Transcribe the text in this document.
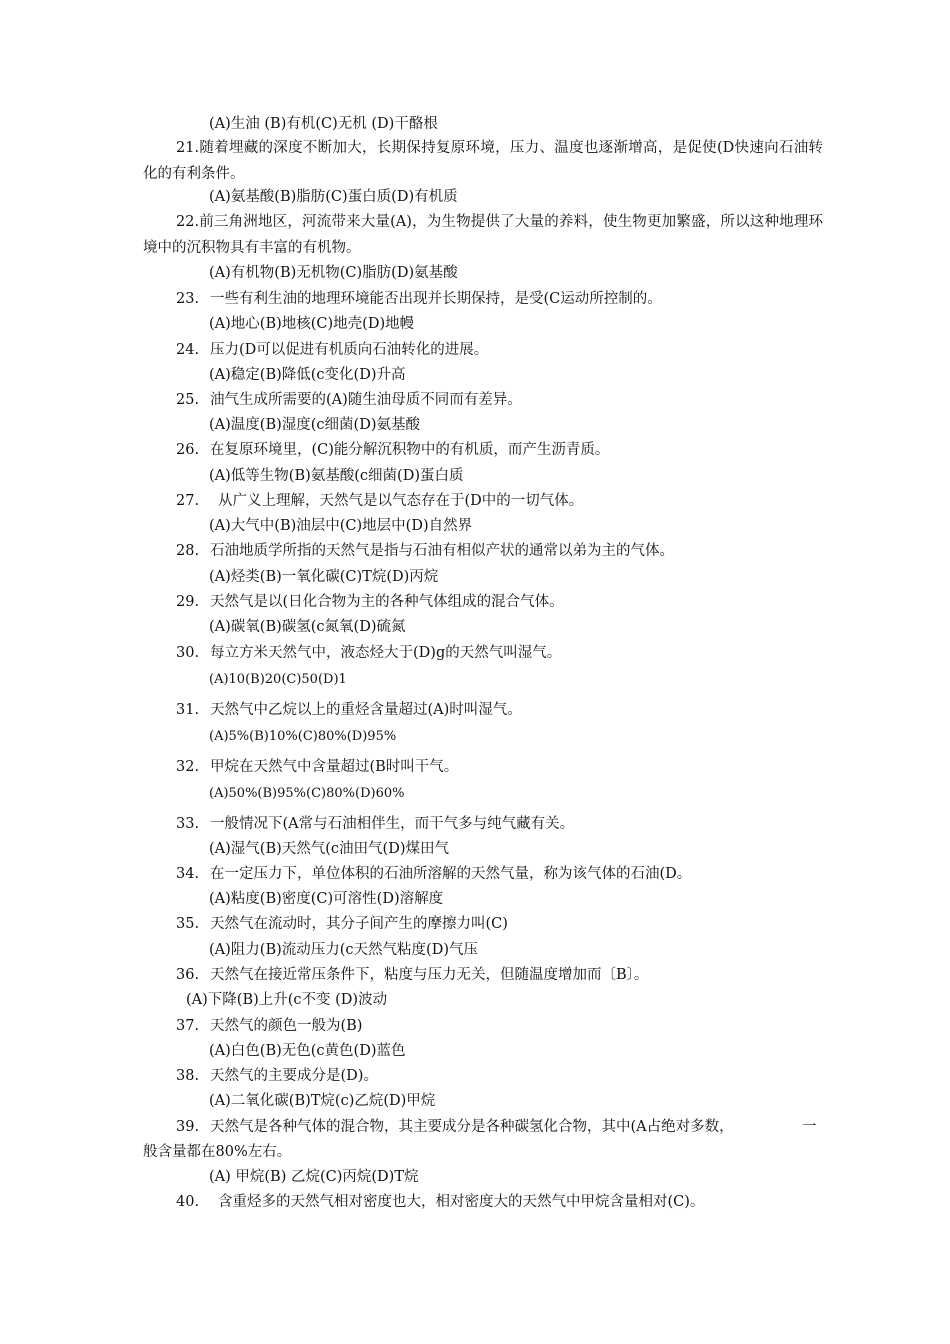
(A)生油 (B)有机(C)无机 (D)干酪根
21.随着埋藏的深度不断加大，长期保持复原环境，压力、温度也逐渐增高，是促使(D快速向石油转化的有利条件。
(A)氨基酸(B)脂肪(C)蛋白质(D)有机质
22.前三角洲地区，河流带来大量(A)，为生物提供了大量的养料，使生物更加繁盛，所以这种地理环境中的沉积物具有丰富的有机物。
(A)有机物(B)无机物(C)脂肪(D)氨基酸
23. 一些有利生油的地理环境能否出现并长期保持，是受(C运动所控制的。
(A)地心(B)地核(C)地壳(D)地幔
24. 压力(D可以促进有机质向石油转化的进展。
(A)稳定(B)降低(c变化(D)升高
25. 油气生成所需要的(A)随生油母质不同而有差异。
(A)温度(B)湿度(c细菌(D)氨基酸
26. 在复原环境里，(C)能分解沉积物中的有机质，而产生沥青质。
(A)低等生物(B)氨基酸(c细菌(D)蛋白质
27. 从广义上理解，天然气是以气态存在于(D中的一切气体。
(A)大气中(B)油层中(C)地层中(D)自然界
28. 石油地质学所指的天然气是指与石油有相似产状的通常以弟为主的气体。
(A)烃类(B)一氧化碳(C)T烷(D)丙烷
29. 天然气是以(日化合物为主的各种气体组成的混合气体。
(A)碳氧(B)碳氢(c氮氧(D)硫氮
30. 每立方米天然气中，液态烃大于(D)g的天然气叫湿气。
(A)10(B)20(C)50(D)1
31. 天然气中乙烷以上的重烃含量超过(A)时叫湿气。
(A)5%(B)10%(C)80%(D)95%
32. 甲烷在天然气中含量超过(B时叫干气。
(A)50%(B)95%(C)80%(D)60%
33. 一般情况下(A常与石油相伴生，而干气多与纯气藏有关。
(A)湿气(B)天然气(c油田气(D)煤田气
34. 在一定压力下，单位体积的石油所溶解的天然气量，称为该气体的石油(D。
(A)粘度(B)密度(C)可溶性(D)溶解度
35. 天然气在流动时，其分子间产生的摩擦力叫(C)
(A)阻力(B)流动压力(c天然气粘度(D)气压
36. 天然气在接近常压条件下，粘度与压力无关，但随温度增加而〔B〕。
(A)下降(B)上升(c不变 (D)波动
37. 天然气的颜色一般为(B)
(A)白色(B)无色(c黄色(D)蓝色
38. 天然气的主要成分是(D)。
(A)二氧化碳(B)T烷(c)乙烷(D)甲烷
39. 天然气是各种气体的混合物，其主要成分是各种碳氢化合物，其中(A占绝对多数，	一
般含量都在80%左右。
(A) 甲烷(B) 乙烷(C)丙烷(D)T烷
40. 含重烃多的天然气相对密度也大，相对密度大的天然气中甲烷含量相对(C)。
